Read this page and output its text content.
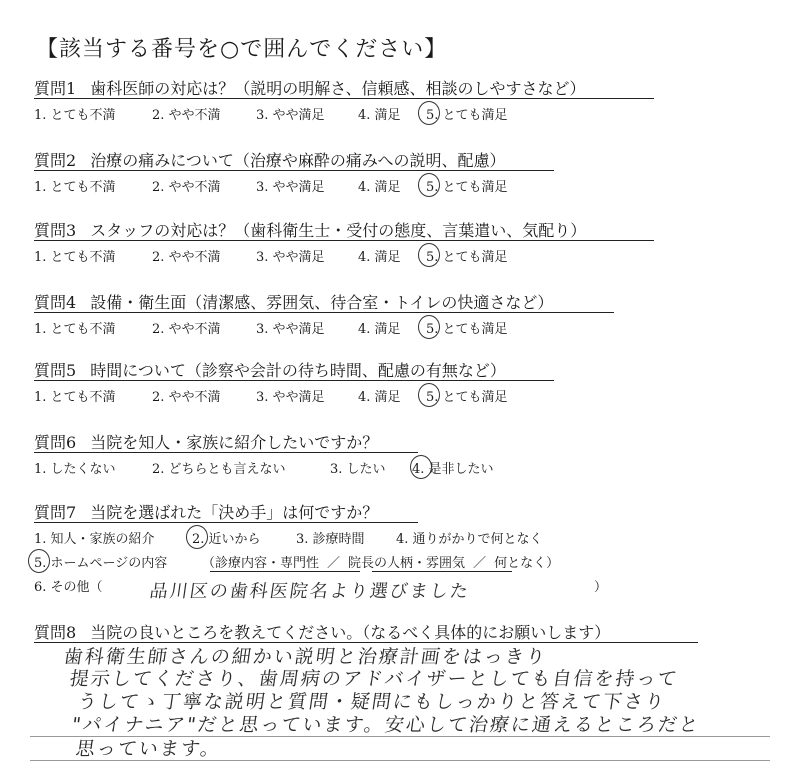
【該当する番号を○で囲んでください】
質問1 歯科医師の対応は？（説明の明解さ、信頼感、相談のしやすさなど）
1. とても不満	2. やや不満	3. やや満足	4. 満足 5. とても満足
質問2 治療の痛みについて（治療や麻酔の痛みへの説明、配慮）
1. とても不満	2. やや不満	3. やや満足	4. 満足 5. とても満足
質問3 スタッフの対応は？（歯科衛生士・受付の態度、言葉遣い、気配り）
1. とても不満	2. やや不満	3. やや満足	4. 満足 5. とても満足
質問4 設備・衛生面（清潔感、雰囲気、待合室・トイレの快適さなど）
1. とても不満	2. やや不満	3. やや満足	4. 満足 5. とても満足
質問5 時間について（診察や会計の待ち時間、配慮の有無など）
1. とても不満	2. やや不満	3. やや満足	4. 満足 5. とても満足
質問6 当院を知人・家族に紹介したいですか？
1. したくない	2. どちらとも言えない	3. したい 4. 是非したい
質問7 当院を選ばれた「決め手」は何ですか？
1. 知人・家族の紹介	2. 近いから	3. 診療時間 4. 通りがかりで何となく
5. ホームページの内容	（診療内容・専門性 ／ 院長の人柄・雰囲気 ／ 何となく）
6. その他（	）
品川区の歯科医院名より選びました
質問8 当院の良いところを教えてください。（なるべく具体的にお願いします）
歯科衛生師さんの細かい説明と治療計画をはっきり
提示してくださり、歯周病のアドバイザーとしても自信を持って
うしてゝ丁寧な説明と質問・疑問にもしっかりと答えて下さり
"パイナニア"だと思っています。安心して治療に通えるところだと
思っています。
